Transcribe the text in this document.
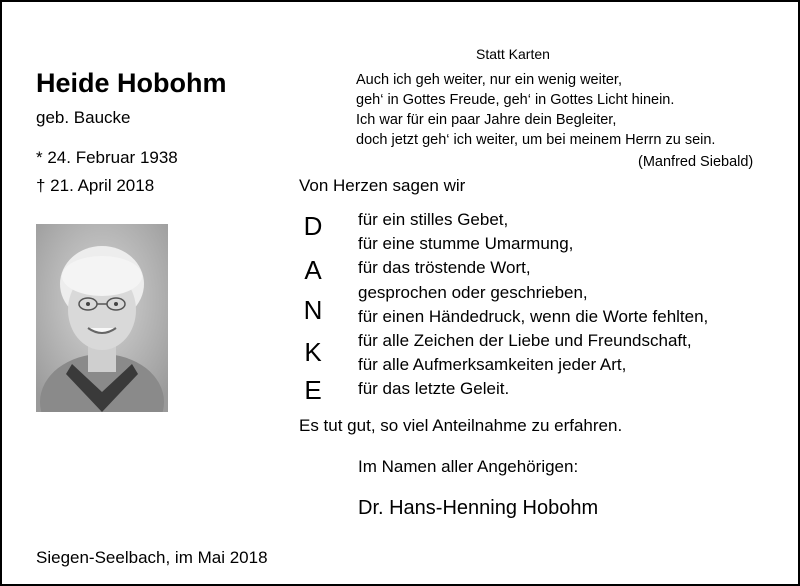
Heide Hobohm
geb. Baucke
* 24. Februar 1938
† 21. April 2018
Statt Karten
Auch ich geh weiter, nur ein wenig weiter,
geh‘ in Gottes Freude, geh‘ in Gottes Licht hinein.
Ich war für ein paar Jahre dein Begleiter,
doch jetzt geh‘ ich weiter, um bei meinem Herrn zu sein.
(Manfred Siebald)
Von Herzen sagen wir
D
A
N
K
E
für ein stilles Gebet,
für eine stumme Umarmung,
für das tröstende Wort,
gesprochen oder geschrieben,
für einen Händedruck, wenn die Worte fehlten,
für alle Zeichen der Liebe und Freundschaft,
für alle Aufmerksamkeiten jeder Art,
für das letzte Geleit.
Es tut gut, so viel Anteilnahme zu erfahren.
Im Namen aller Angehörigen:
Dr. Hans-Henning Hobohm
Siegen-Seelbach, im Mai 2018
